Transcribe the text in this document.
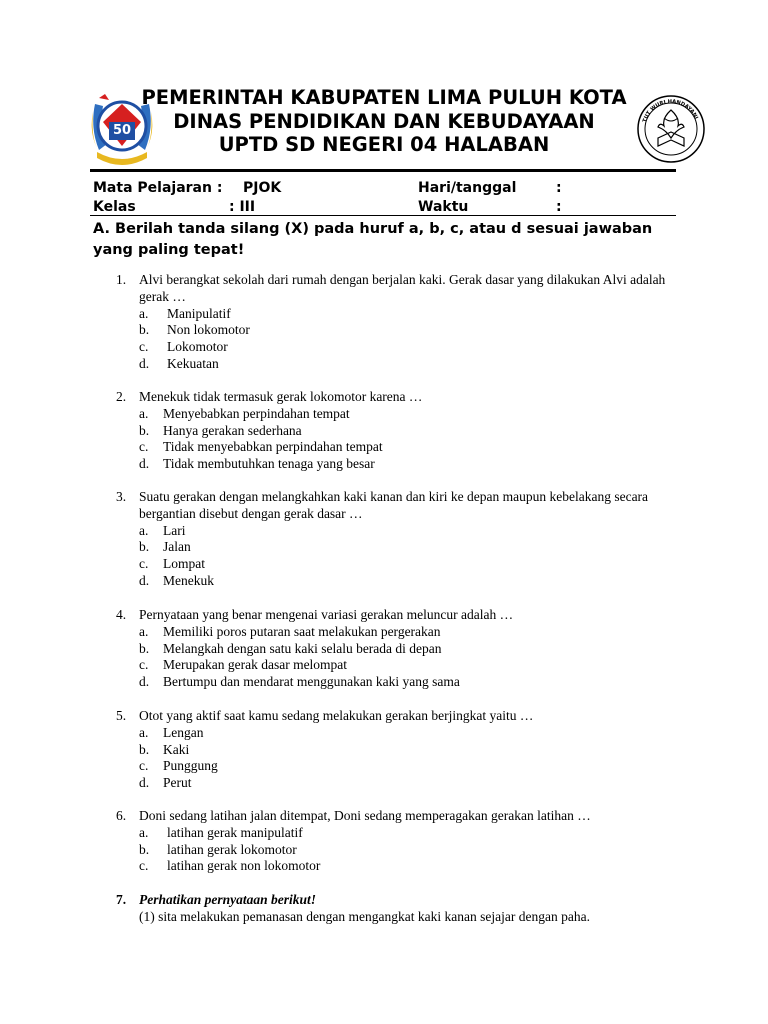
50
TUT WURI HANDAYANI
PEMERINTAH KABUPATEN LIMA PULUH KOTA
DINAS PENDIDIKAN DAN KEBUDAYAAN
UPTD SD NEGERI 04 HALABAN
Mata Pelajaran : PJOK
Kelas	: III
Hari/tanggal	:
Waktu	:
A. Berilah tanda silang (X) pada huruf a, b, c, atau d sesuai jawaban yang paling tepat!
1. Alvi berangkat sekolah dari rumah dengan berjalan kaki. Gerak dasar yang dilakukan Alvi adalah gerak …
a. Manipulatif
b. Non lokomotor
c. Lokomotor
d. Kekuatan
2. Menekuk tidak termasuk gerak lokomotor karena …
a. Menyebabkan perpindahan tempat
b. Hanya gerakan sederhana
c. Tidak menyebabkan perpindahan tempat
d. Tidak membutuhkan tenaga yang besar
3. Suatu gerakan dengan melangkahkan kaki kanan dan kiri ke depan maupun kebelakang secara bergantian disebut dengan gerak dasar …
a. Lari
b. Jalan
c. Lompat
d. Menekuk
4. Pernyataan yang benar mengenai variasi gerakan meluncur adalah …
a. Memiliki poros putaran saat melakukan pergerakan
b. Melangkah dengan satu kaki selalu berada di depan
c. Merupakan gerak dasar melompat
d. Bertumpu dan mendarat menggunakan kaki yang sama
5. Otot yang aktif saat kamu sedang melakukan gerakan berjingkat yaitu …
a. Lengan
b. Kaki
c. Punggung
d. Perut
6. Doni sedang latihan jalan ditempat, Doni sedang memperagakan gerakan latihan …
a. latihan gerak manipulatif
b. latihan gerak lokomotor
c. latihan gerak non lokomotor
7. Perhatikan pernyataan berikut!
(1) sita melakukan pemanasan dengan mengangkat kaki kanan sejajar dengan paha.
